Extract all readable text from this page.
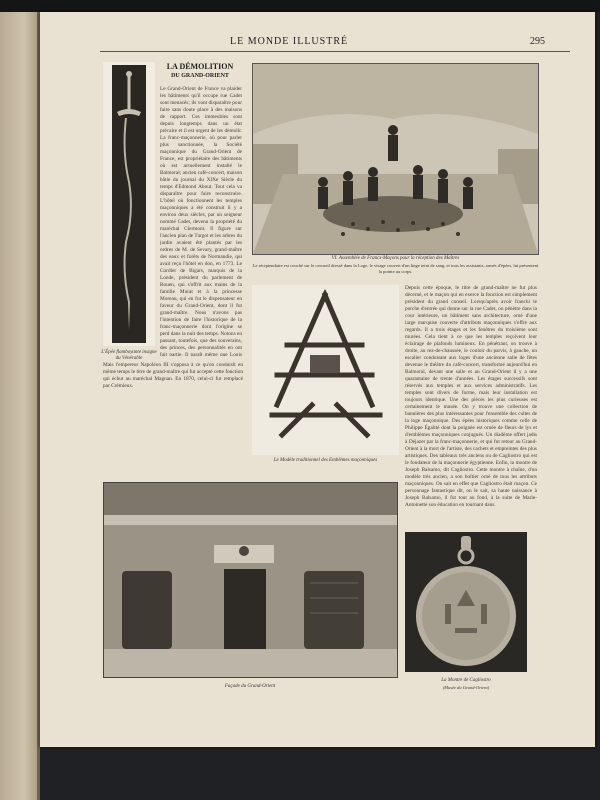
LE MONDE ILLUSTRÉ	295
L'Épée flamboyante insigne du Vénérable
LA DÉMOLITION
DU GRAND-ORIENT
Le Grand-Orient de France va plaider les bâtiments qu'il occupe rue Cadet sont menacés; ils vont disparaître pour faire sans doute place à des maisons de rapport. Ces immeubles sont depuis longtemps dans un état précaire et il est urgent de les démolir. La franc-maçonnerie, où pour parler plus sanctionnée, la Société maçonnique du Grand-Orient de France, est propriétaire des bâtiments où est actuellement installé le Balmoral; ancien café-concert, maison bâtie du journal du XIXe Siècle du temps d'Edmond About. Tout cela va disparaître pour faire reconstruire. L'hôtel où fonctionnent les temples maçonniques a été construit il y a environ deux siècles, par un seigneur nommé Cadet, devenu la propriété du maréchal Clermont. Il figure sur l'ancien plan de Turgot et les arbres du jardin avaient été plantés par les ordres de M. de Sevary, grand-maître des eaux et forêts de Normandie, qui avait reçu l'hôtel en don, en 1773. Le Cordier de Bigars, marquis de la Londe, président du parlement de Rouen, qui s'offrit aux mains de la famille Murat et à la princesse Moreau, qui en fut le dispensateur en faveur du Grand-Orient, dont il fut grand-maître. Nous n'avons pas l'intention de faire l'historique de la franc-maçonnerie dont l'origine se perd dans la nuit des temps. Notons en passant, toutefois, que des souverains, des princes, des personnalités en ont fait partie. Il paraît même que Louis
Mais l'empereur Napoléon III s'opposa à ce qu'on conduisît en même temps le titre de grand-maître qui fut accepté cette fonction qui échut au maréchal Magnan. En 1870, celui-ci fut remplacé par Crémieux.
VI. Assemblée de Francs-Maçons pour la réception des Maîtres
Le récipiendaire est couché sur le cercueil dressé dans la Loge, le visage couvert d'un linge teint de sang, et tous les assistants, armés d'épées, lui présentent la pointe au corps.
Le Modèle traditionnel des Emblèmes maçonniques
Depuis cette époque, le titre de grand-maître ne fut plus décerné, et le maçon qui en exerce la fonction est simplement président du grand conseil. Lorsqu'après avoir franchi le porche d'entrée qui donne sur la rue Cadet, on pénètre dans la cour intérieure, un bâtiment sans architecture, orné d'une large marquise couverte d'attributs maçonniques s'offre aux regards. Il a trois étages et les fenêtres du troisième sont murées. Cela tient à ce que les temples reçoivent leur éclairage de plafonds lumineux. En pénétrant, on trouve à droite, au rez-de-chaussée, le couloir du parvis, à gauche, un escalier conduisant aux loges d'une ancienne salle de fêtes devenue le théâtre du café-concert, transformé aujourd'hui en Balmoral, devant une salle et au Grand-Orient il y a une quarantaine de trente d'années. Les étages successifs sont réservés aux temples et aux services administratifs. Les temples sont divers de forme, mais leur installation est toujours identique. Une des pièces les plus curieuses est certainement le musée. On y trouve une collection de bannières des plus intéressantes pour l'ensemble des cultes de la loge maçonnique. Des épées historiques comme celle de Philippe Égalité dont la poignée est ornée de fleurs de lys et d'emblèmes maçonniques conjugués. Un diadème offert jadis à Déjazet par la franc-maçonnerie, et qui fut retour au Grand-Orient à la mort de l'artiste, des cachets et empreintes des plus artistiques. Des tableaux très anciens ou de Cagliostro qui est le fondateur de la maçonnerie égyptienne. Enfin, la montre de Joseph Balsamo, dit Cagliostro. Cette montre à chaîne, d'un modèle très ancien, a son boîtier orné de tous les attributs maçonniques. On sait en effet que Cagliostro était maçon. Ce personnage fantastique dit, on le sait, sa haute naissance à Joseph Balsamo, il fut tout au fond, à la suite de Marie-Antoinette son éducation en tournant dans.
Façade du Grand-Orient
La Montre de Cagliostro
(Musée du Grand-Orient)
